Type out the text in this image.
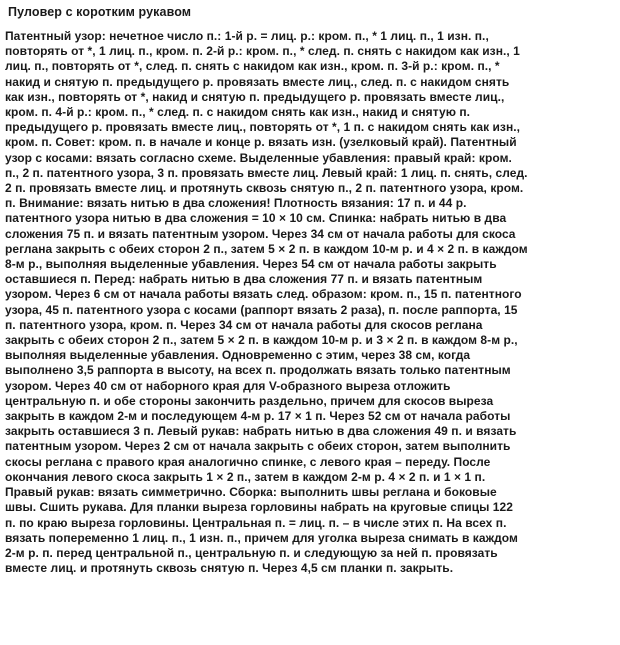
Пуловер с коротким рукавом
Патентный узор: нечетное число п.: 1-й р. = лиц. р.: кром. п., * 1 лиц. п., 1 изн. п.,
повторять от *, 1 лиц. п., кром. п. 2-й р.: кром. п., * след. п. снять с накидом как изн., 1
лиц. п., повторять от *, след. п. снять с накидом как изн., кром. п. 3-й р.: кром. п., *
накид и снятую п. предыдущего р. провязать вместе лиц., след. п. с накидом снять
как изн., повторять от *, накид и снятую п. предыдущего р. провязать вместе лиц.,
кром. п. 4-й р.: кром. п., * след. п. с накидом снять как изн., накид и снятую п.
предыдущего р. провязать вместе лиц., повторять от *, 1 п. с накидом снять как изн.,
кром. п. Совет: кром. п. в начале и конце р. вязать изн. (узелковый край). Патентный
узор с косами: вязать согласно схеме. Выделенные убавления: правый край: кром.
п., 2 п. патентного узора, 3 п. провязать вместе лиц. Левый край: 1 лиц. п. снять, след.
2 п. провязать вместе лиц. и протянуть сквозь снятую п., 2 п. патентного узора, кром.
п. Внимание: вязать нитью в два сложения! Плотность вязания: 17 п. и 44 р.
патентного узора нитью в два сложения = 10 × 10 см. Спинка: набрать нитью в два
сложения 75 п. и вязать патентным узором. Через 34 см от начала работы для скоса
реглана закрыть с обеих сторон 2 п., затем 5 × 2 п. в каждом 10-м р. и 4 × 2 п. в каждом
8-м р., выполняя выделенные убавления. Через 54 см от начала работы закрыть
оставшиеся п. Перед: набрать нитью в два сложения 77 п. и вязать патентным
узором. Через 6 см от начала работы вязать след. образом: кром. п., 15 п. патентного
узора, 45 п. патентного узора с косами (раппорт вязать 2 раза), п. после раппорта, 15
п. патентного узора, кром. п. Через 34 см от начала работы для скосов реглана
закрыть с обеих сторон 2 п., затем 5 × 2 п. в каждом 10-м р. и 3 × 2 п. в каждом 8-м р.,
выполняя выделенные убавления. Одновременно с этим, через 38 см, когда
выполнено 3,5 раппорта в высоту, на всех п. продолжать вязать только патентным
узором. Через 40 см от наборного края для V-образного выреза отложить
центральную п. и обе стороны закончить раздельно, причем для скосов выреза
закрыть в каждом 2-м и последующем 4-м р. 17 × 1 п. Через 52 см от начала работы
закрыть оставшиеся 3 п. Левый рукав: набрать нитью в два сложения 49 п. и вязать
патентным узором. Через 2 см от начала закрыть с обеих сторон, затем выполнить
скосы реглана с правого края аналогично спинке, с левого края – переду. После
окончания левого скоса закрыть 1 × 2 п., затем в каждом 2-м р. 4 × 2 п. и 1 × 1 п.
Правый рукав: вязать симметрично. Сборка: выполнить швы реглана и боковые
швы. Сшить рукава. Для планки выреза горловины набрать на круговые спицы 122
п. по краю выреза горловины. Центральная п. = лиц. п. – в числе этих п. На всех п.
вязать попеременно 1 лиц. п., 1 изн. п., причем для уголка выреза снимать в каждом
2-м р. п. перед центральной п., центральную п. и следующую за ней п. провязать
вместе лиц. и протянуть сквозь снятую п. Через 4,5 см планки п. закрыть.
